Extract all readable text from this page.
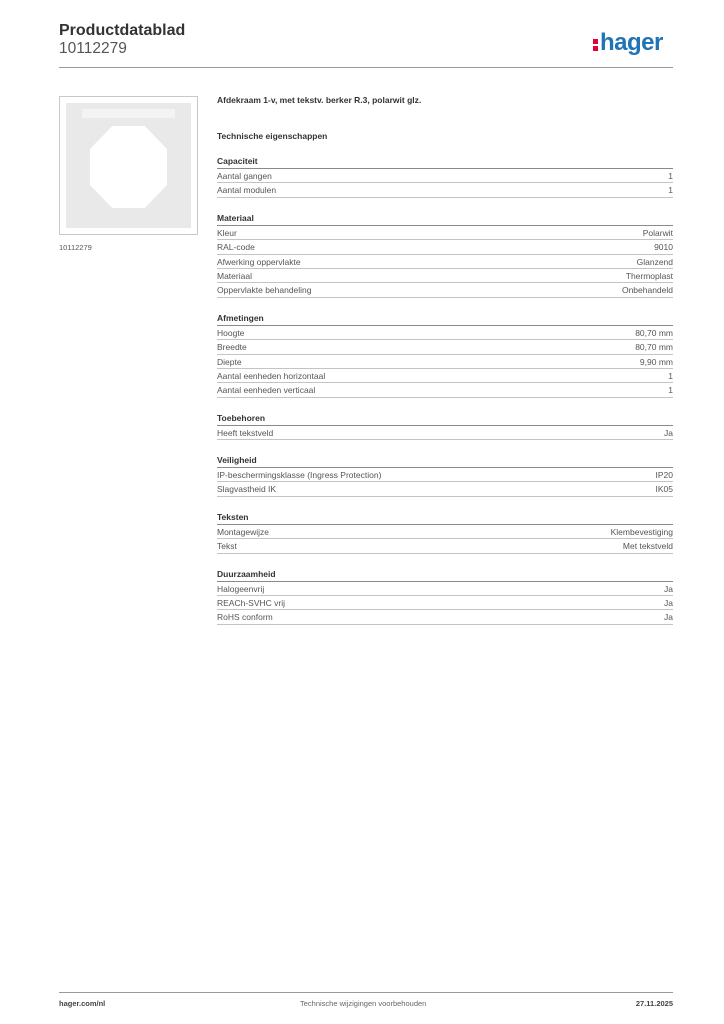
Productdatablad
10112279	hager
10112279
Afdekraam 1-v, met tekstv. berker R.3, polarwit glz.
Technische eigenschappen
Capaciteit
Aantal gangen	1
Aantal modulen	1
Materiaal
Kleur	Polarwit
RAL-code	9010
Afwerking oppervlakte	Glanzend
Materiaal	Thermoplast
Oppervlakte behandeling	Onbehandeld
Afmetingen
Hoogte	80,70 mm
Breedte	80,70 mm
Diepte	9,90 mm
Aantal eenheden horizontaal	1
Aantal eenheden verticaal	1
Toebehoren
Heeft tekstveld	Ja
Veiligheid
IP-beschermingsklasse (Ingress Protection)	IP20
Slagvastheid IK	IK05
Teksten
Montagewijze	Klembevestiging
Tekst	Met tekstveld
Duurzaamheid
Halogeenvrij	Ja
REACh-SVHC vrij	Ja
RoHS conform	Ja
hager.com/nl	Technische wijzigingen voorbehouden	27.11.2025
